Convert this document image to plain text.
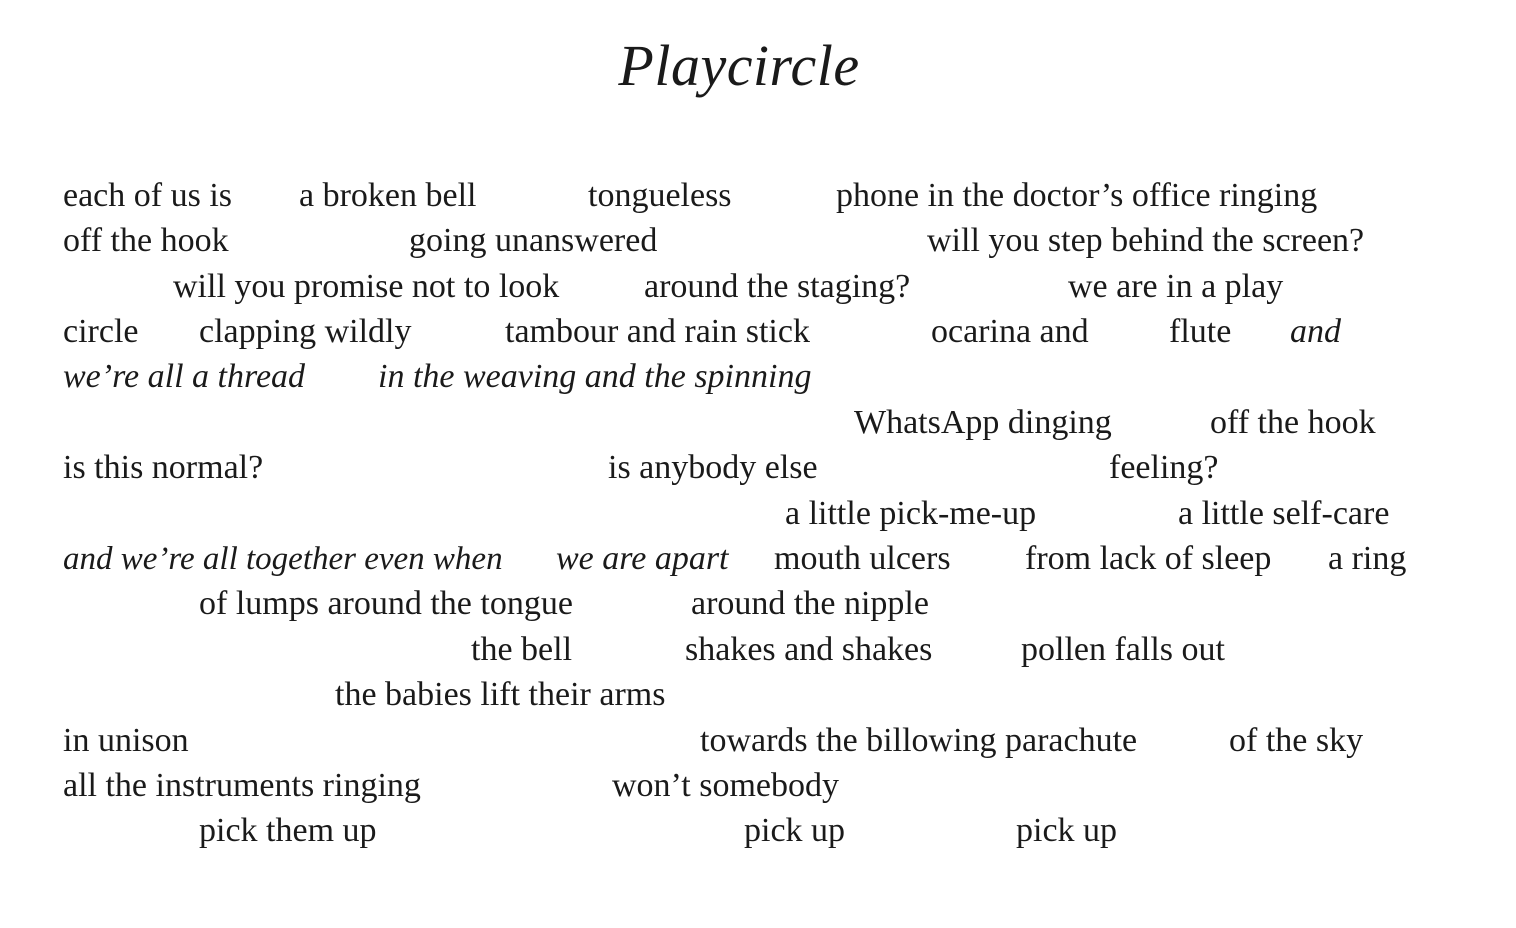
Playcircle
each of us is a broken bell	tongueless	phone in the doctor’s office ringing
off the hook	going unanswered	will you step behind the screen?
will you promise not to look around the staging?	we are in a play
circle clapping wildly	tambour and rain stick	ocarina and flute and
we’re all a thread in the weaving and the spinning
WhatsApp dinging	off the hook
is this normal?	is anybody else	feeling?
a little pick-me-up	a little self-care
and we’re all together even when we are apart mouth ulcers from lack of sleep a ring
of lumps around the tongue	around the nipple
the bell	shakes and shakes	pollen falls out
the babies lift their arms
in unison	towards the billowing parachute	of the sky
all the instruments ringing	won’t somebody
pick them up	pick up	pick up
